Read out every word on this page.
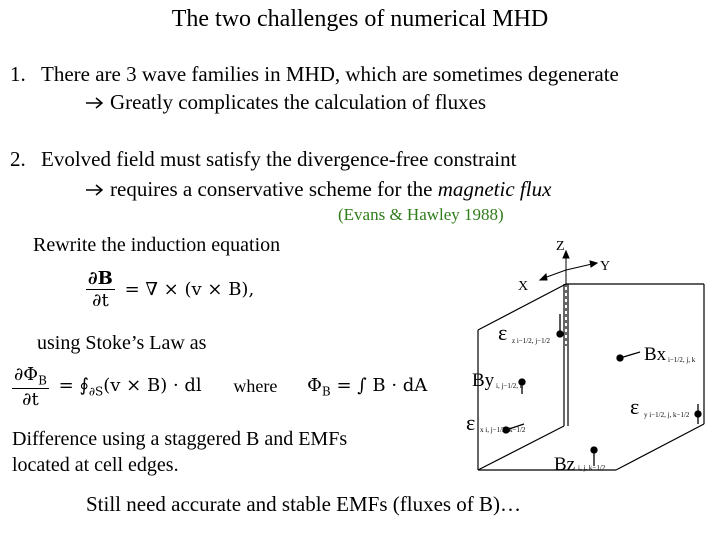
The two challenges of numerical MHD
1. There are 3 wave families in MHD, which are sometimes degenerate
Greatly complicates the calculation of fluxes
2. Evolved field must satisfy the divergence-free constraint
requires a conservative scheme for the magnetic flux
(Evans & Hawley 1988)
Rewrite the induction equation
$\frac{\partial B}{\partial t}$ = ∇ × (v × B),
using Stoke’s Law as
$\frac{\partial\Phi_B}{\partial t}$ = $∮_{\partial S}(v \times B)$ · dl where $\Phi_B$ = ∫ B · dA
Difference using a staggered B and EMFs
located at cell edges.
Still need accurate and stable EMFs (fluxes of B)…
Z
Y
X
ε z i−1/2, j−1/2
Bx i−1/2, j, k
By i, j−1/2, k
ε y i−1/2, j, k−1/2
ε x i, j−1/2, k−1/2
Bz i, j, k−1/2
